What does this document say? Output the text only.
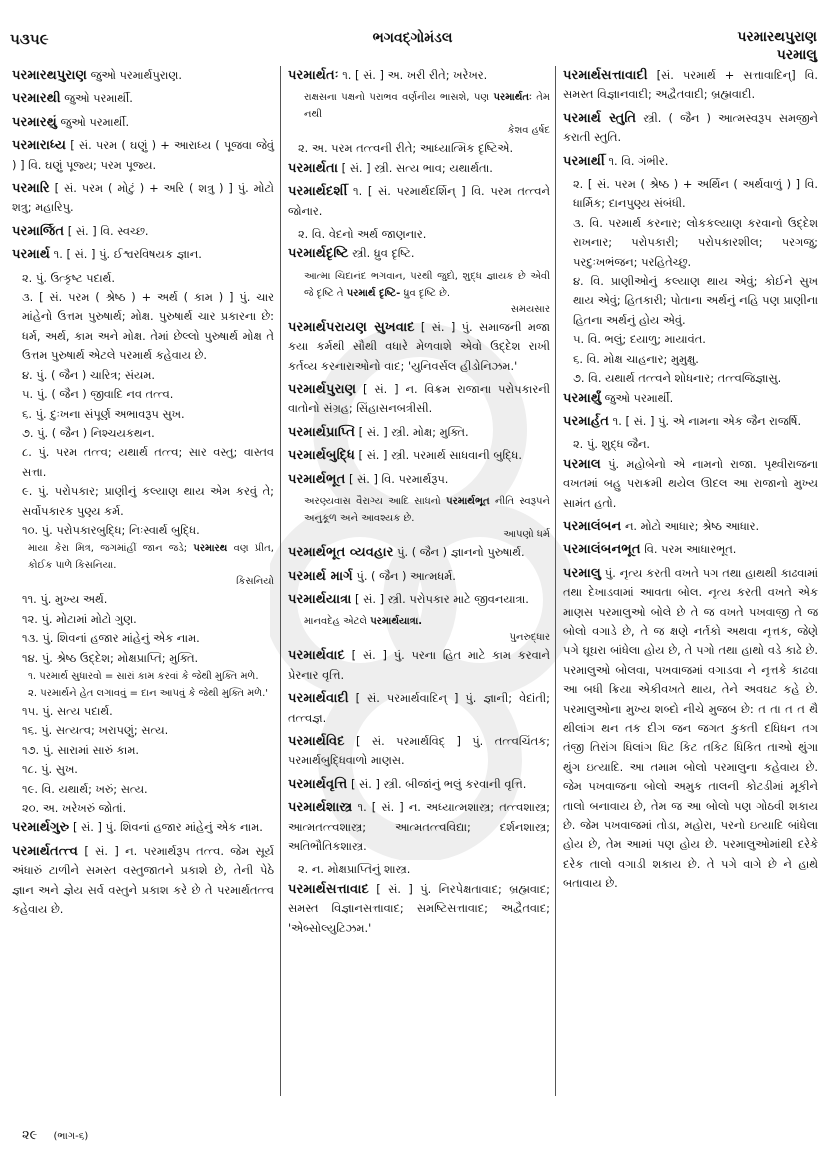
૫૩૫૯	ભગવદ્ગોમંડલ	પરમારથપુરાણ
પરમાલુ
પરમારથપુરાણ જુઓ પરમાર્થપુરાણ.
પરમારથી જુઓ પરમાર્થી.
પરમારથું જુઓ પરમાર્થી.
પરમારાધ્ય [ સં. પરમ ( ઘણું ) + આરાધ્ય ( પૂજવા જેવું ) ] વિ. ઘણું પૂજ્ય; પરમ પૂજ્ય.
પરમારિ [ સં. પરમ ( મોટું ) + અરિ ( શત્રુ ) ] પું. મોટો શત્રુ; મહારિપુ.
પરમાર્જિત [ સં. ] વિ. સ્વચ્છ.
પરમાર્થ ૧. [ સં. ] પું. ઈશ્વરવિષયક જ્ઞાન.
૨. પું. ઉત્કૃષ્ટ પદાર્થ.
૩. [ સં. પરમ ( શ્રેષ્ઠ ) + અર્થ ( કામ ) ] પું. ચાર માંહેનો ઉત્તમ પુરુષાર્થ; મોક્ષ. પુરુષાર્થ ચાર પ્રકારના છે: ધર્મ, અર્થ, કામ અને મોક્ષ. તેમાં છેલ્લો પુરુષાર્થ મોક્ષ તે ઉત્તમ પુરુષાર્થ એટલે પરમાર્થ કહેવાય છે.
૪. પું. ( જૈન ) ચારિત્ર; સંયમ.
૫. પું. ( જૈન ) જીવાદિ નવ તત્ત્વ.
૬. પું. દુઃખના સંપૂર્ણ અભાવરૂપ સુખ.
૭. પું. ( જૈન ) નિશ્ચયકથન.
૮. પું. પરમ તત્ત્વ; યથાર્થ તત્ત્વ; સાર વસ્તુ; વાસ્તવ સત્તા.
૯. પું. પરોપકાર; પ્રાણીનું કલ્યાણ થાય એમ કરવું તે; સર્વોપકારક પુણ્ય કર્મ.
૧૦. પું. પરોપકારબુદ્ધિ; નિઃસ્વાર્થ બુદ્ધિ.
માયા કેરા મિત્ર, જગમાંહીં જાન જડે; પરમારથ વણ પ્રીત, કોઈક પાળે કિસનિયા.
કિસનિયો
૧૧. પું. મુખ્ય અર્થ.
૧૨. પું. મોટામાં મોટો ગુણ.
૧૩. પું. શિવનાં હજાર માંહેનું એક નામ.
૧૪. પું. શ્રેષ્ઠ ઉદ્દેશ; મોક્ષપ્રાપ્તિ; મુક્તિ.
૧. પરમાર્થ સુધારવો = સારાં કામ કરવાં કે જેથી મુક્તિ મળે.
૨. પરમાર્થને હેત લગાવવું = દાન આપવું કે જેથી મુક્તિ મળે.'
૧૫. પું. સત્ય પદાર્થ.
૧૬. પું. સત્યત્વ; ખરાપણું; સત્ય.
૧૭. પું. સારામાં સારું કામ.
૧૮. પું. સુખ.
૧૯. વિ. યથાર્થ; ખરું; સત્ય.
૨૦. અ. ખરેખરું જોતાં.
પરમાર્થગુરુ [ સં. ] પું. શિવનાં હજાર માંહેનું એક નામ.
પરમાર્થતત્ત્વ [ સં. ] ન. પરમાર્થરૂપ તત્ત્વ. જેમ સૂર્ય અંધારું ટાળીને સમસ્ત વસ્તુજાતને પ્રકાશે છે, તેની પેઠે જ્ઞાન અને જ્ઞેય સર્વ વસ્તુને પ્રકાશ કરે છે તે પરમાર્થતત્ત્વ કહેવાય છે.
પરમાર્થતઃ ૧. [ સં. ] અ. ખરી રીતે; ખરેખર.
રાક્ષસના પક્ષનો પરાભવ વર્ણનીય ભાસશે, પણ પરમાર્થતઃ તેમ નથી
કેશવ હર્ષદ
૨. અ. પરમ તત્ત્વની રીતે; આધ્યાત્મિક દૃષ્ટિએ.
પરમાર્થતા [ સં. ] સ્ત્રી. સત્ય ભાવ; યથાર્થતા.
પરમાર્થદર્શી ૧. [ સં. પરમાર્થદર્શિન્ ] વિ. પરમ તત્ત્વને જોનાર.
૨. વિ. વેદનો અર્થ જાણનાર.
પરમાર્થદૃષ્ટિ સ્ત્રી. ધ્રુવ દૃષ્ટિ.
આત્મા ચિદાનંદ ભગવાન, પરથી જુદો, શુદ્ધ જ્ઞાયક છે એવી જે દૃષ્ટિ તે પરમાર્થ દૃષ્ટિ- ધ્રુવ દૃષ્ટિ છે.
સમયસાર
પરમાર્થપરાયણ સુખવાદ [ સં. ] પું. સમાજની મજા કયા કર્મથી સૌથી વધારે મેળવાશે એવો ઉદ્દેશ રાખી કર્તવ્ય કરનારાઓનો વાદ; 'યુનિવર્સલ હીડોનિઝમ.'
પરમાર્થપુરાણ [ સં. ] ન. વિક્રમ રાજાના પરોપકારની વાતોનો સંગ્રહ; સિંહાસનબત્રીસી.
પરમાર્થપ્રાપ્તિ [ સં. ] સ્ત્રી. મોક્ષ; મુક્તિ.
પરમાર્થબુદ્ધિ [ સં. ] સ્ત્રી. પરમાર્થ સાધવાની બુદ્ધિ.
પરમાર્થભૂત [ સં. ] વિ. પરમાર્થરૂપ.
અરણ્યવાસ વૈરાગ્ય આદિ સાધનો પરમાર્થભૂત નીતિ સ્વરૂપને અનુકૂળ અને આવશ્યક છે.
આપણો ધર્મ
પરમાર્થભૂત વ્યવહાર પું. ( જૈન ) જ્ઞાનનો પુરુષાર્થ.
પરમાર્થ માર્ગ પું. ( જૈન ) આત્મધર્મ.
પરમાર્થયાત્રા [ સં. ] સ્ત્રી. પરોપકાર માટે જીવનયાત્રા.
માનવદેહ એટલે પરમાર્થયાત્રા.
પુનરુદ્ધાર
પરમાર્થવાદ [ સં. ] પું. પરના હિત માટે કામ કરવાને પ્રેરનાર વૃત્તિ.
પરમાર્થવાદી [ સં. પરમાર્થવાદિન્ ] પું. જ્ઞાની; વેદાંતી; તત્ત્વજ્ઞ.
પરમાર્થવિદ [ સં. પરમાર્થવિદ્ ] પું. તત્ત્વચિંતક; પરમાર્થબુદ્ધિવાળો માણસ.
પરમાર્થવૃત્તિ [ સં. ] સ્ત્રી. બીજાંનું ભલું કરવાની વૃત્તિ.
પરમાર્થશાસ્ત્ર ૧. [ સં. ] ન. અધ્યાત્મશાસ્ત્ર; તત્ત્વશાસ્ત્ર; આત્મતત્ત્વશાસ્ત્ર; આત્મતત્ત્વવિદ્યા; દર્શનશાસ્ત્ર; અતિભૌતિકશાસ્ત્ર.
૨. ન. મોક્ષપ્રાપ્તિનું શાસ્ત્ર.
પરમાર્થસત્તાવાદ [ સં. ] પું. નિરપેક્ષતાવાદ; બ્રહ્મવાદ; સમસ્ત વિજ્ઞાનસત્તાવાદ; સમષ્ટિસત્તાવાદ; અદ્વૈતવાદ; 'એબ્સોલ્યુટિઝમ.'
પરમાર્થસત્તાવાદી [સં. પરમાર્થ + સત્તાવાદિન્] વિ. સમસ્ત વિજ્ઞાનવાદી; અદ્વૈતવાદી; બ્રહ્મવાદી.
પરમાર્થ સ્તુતિ સ્ત્રી. ( જૈન ) આત્મસ્વરૂપ સમજીને કરાતી સ્તુતિ.
પરમાર્થી ૧. વિ. ગંભીર.
૨. [ સં. પરમ ( શ્રેષ્ઠ ) + અર્થિન ( અર્થવાળું ) ] વિ. ધાર્મિક; દાનપુણ્ય સંબંધી.
૩. વિ. પરમાર્થ કરનાર; લોકકલ્યાણ કરવાનો ઉદ્દેશ રાખનાર; પરોપકારી; પરોપકારશીલ; પરગજુ; પરદુઃખભંજન; પરહિતેચ્છુ.
૪. વિ. પ્રાણીઓનું કલ્યાણ થાય એવું; કોઈને સુખ થાય એવું; હિતકારી; પોતાના અર્થનું નહિ પણ પ્રાણીના હિતના અર્થનું હોય એવું.
૫. વિ. ભલું; દયાળુ; માયાવંત.
૬. વિ. મોક્ષ ચાહનાર; મુમુક્ષુ.
૭. વિ. યથાર્થ તત્ત્વને શોધનાર; તત્ત્વજિજ્ઞાસુ.
પરમાર્થું જુઓ પરમાર્થી.
પરમાર્હત ૧. [ સં. ] પું. એ નામના એક જૈન રાજર્ષિ.
૨. પું. શુદ્ધ જૈન.
પરમાલ પું. મહોબેનો એ નામનો રાજા. પૃથ્વીરાજના વખતમાં બહુ પરાક્રમી થયેલ ઊદલ આ રાજાનો મુખ્ય સામંત હતો.
પરમાલંબન ન. મોટો આધાર; શ્રેષ્ઠ આધાર.
પરમાલંબનભૂત વિ. પરમ આધારભૂત.
પરમાલુ પું. નૃત્ય કરતી વખતે પગ તથા હાથથી કાઢવામાં તથા દેખાડવામાં આવતા બોલ. નૃત્ય કરતી વખતે એક માણસ પરમાલુઓ બોલે છે તે જ વખતે પખવાજી તે જ બોલો વગાડે છે, તે જ ક્ષણે નર્તકો અથવા નૃત્તક, જેણે પગે ઘૂઘરા બાંધેલા હોય છે, તે પગો તથા હાથો વડે કાઢે છે. પરમાલુઓ બોલવા, પખવાજમાં વગાડવા ને નૃત્તકે કાઢવા આ બધી ક્રિયા એકીવખતે થાય, તેને અવઘટ કહે છે. પરમાલુઓના મુખ્ય શબ્દો નીચે મુજબ છે: ત તા ત ત થૈ થીલાંગ થન તક દીગ જન જગત કુકતી દધિધન તગ તંજી તિરાંગ ધિલાંગ ધિટ કિટ તકિટ ધિકિત તાઓ થુંગા થુંગ ઇત્યાદિ. આ તમામ બોલો પરમાલુના કહેવાય છે. જેમ પખવાજના બોલો અમુક તાલની કોટડીમાં મૂકીને તાલો બનાવાય છે, તેમ જ આ બોલો પણ ગોઠવી શકાય છે. જેમ પખવાજમાં તોડા, મહોરા, પરનો ઇત્યાદિ બાંધેલા હોય છે, તેમ આમાં પણ હોય છે. પરમાલુઓમાંથી દરેકે દરેક તાલો વગાડી શકાય છે. તે પગે વાગે છે ને હાથે બતાવાય છે.
૨૯ (ભાગ-૬)
